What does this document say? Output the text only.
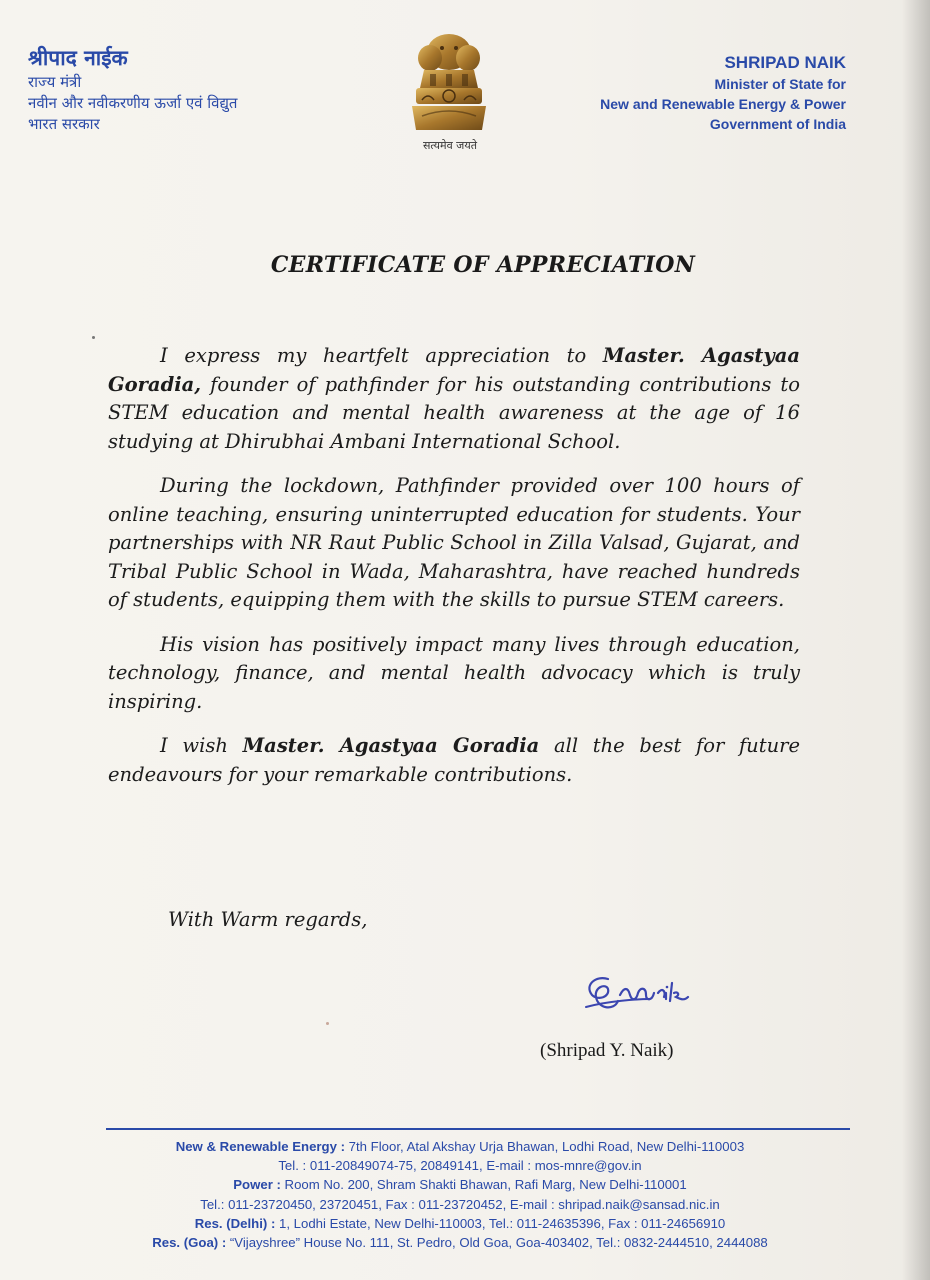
श्रीपाद नाईक
राज्य मंत्री
नवीन और नवीकरणीय ऊर्जा एवं विद्युत
भारत सरकार
सत्यमेव जयते
SHRIPAD NAIK
Minister of State for
New and Renewable Energy & Power
Government of India
CERTIFICATE OF APPRECIATION

I express my heartfelt appreciation to Master. Agastyaa Goradia, founder of pathfinder for his outstanding contributions to STEM education and mental health awareness at the age of 16 studying at Dhirubhai Ambani International School.

During the lockdown, Pathfinder provided over 100 hours of online teaching, ensuring uninterrupted education for students. Your partnerships with NR Raut Public School in Zilla Valsad, Gujarat, and Tribal Public School in Wada, Maharashtra, have reached hundreds of students, equipping them with the skills to pursue STEM careers.

His vision has positively impact many lives through education, technology, finance, and mental health advocacy which is truly inspiring.

I wish Master. Agastyaa Goradia all the best for future endeavours for your remarkable contributions.

With Warm regards,
(Shripad Y. Naik)
New & Renewable Energy : 7th Floor, Atal Akshay Urja Bhawan, Lodhi Road, New Delhi-110003
Tel. : 011-20849074-75, 20849141, E-mail : mos-mnre@gov.in
Power : Room No. 200, Shram Shakti Bhawan, Rafi Marg, New Delhi-110001
Tel.: 011-23720450, 23720451, Fax : 011-23720452, E-mail : shripad.naik@sansad.nic.in
Res. (Delhi) : 1, Lodhi Estate, New Delhi-110003, Tel.: 011-24635396, Fax : 011-24656910
Res. (Goa) : “Vijayshree” House No. 111, St. Pedro, Old Goa, Goa-403402, Tel.: 0832-2444510, 2444088
